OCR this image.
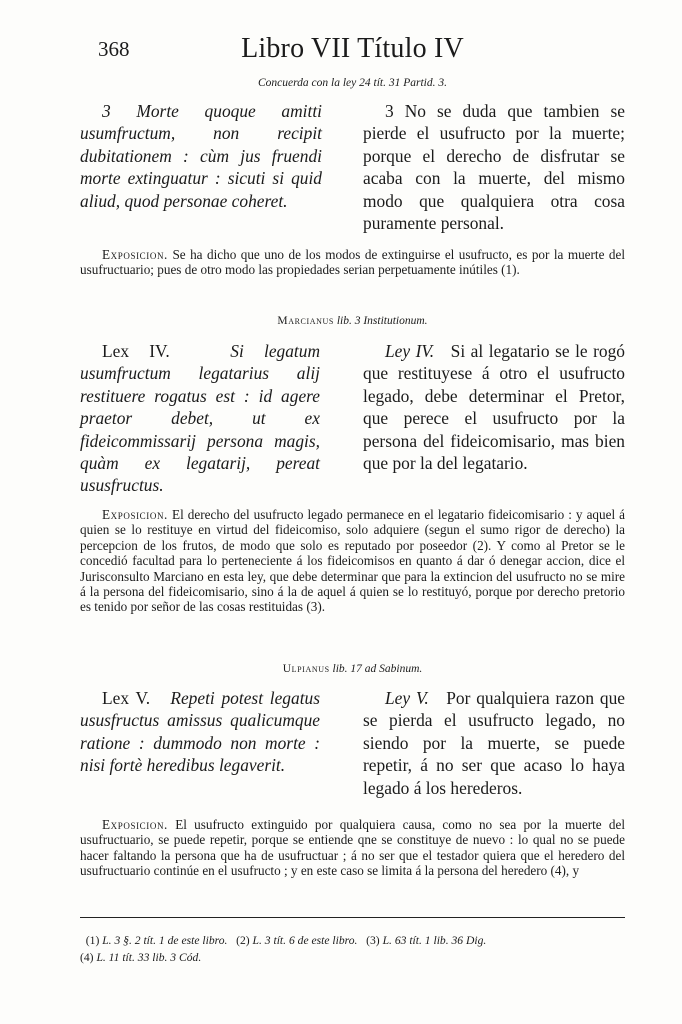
368	Libro VII Título IV
Concuerda con la ley 24 tít. 31 Partid. 3.

3 Morte quoque amitti usumfructum, non recipit dubitationem : cùm jus fruendi morte extinguatur : sicuti si quid aliud, quod personae coheret.

3 No se duda que tambien se pierde el usufructo por la muerte; porque el derecho de disfrutar se acaba con la muerte, del mismo modo que qualquiera otra cosa puramente personal.

Exposicion. Se ha dicho que uno de los modos de extinguirse el usufructo, es por la muerte del usufructuario; pues de otro modo las propiedades serian perpetuamente inútiles (1).

Marcianus lib. 3 Institutionum.

Lex IV.	Si legatum usumfructum legatarius alij restituere rogatus est : id agere praetor debet, ut ex fideicommissarij persona magis, quàm ex legatarij, pereat ususfructus.

Ley IV. Si al legatario se le rogó que restituyese á otro el usufructo legado, debe determinar el Pretor, que perece el usufructo por la persona del fideicomisario, mas bien que por la del legatario.

Exposicion. El derecho del usufructo legado permanece en el legatario fideicomisario : y aquel á quien se lo restituye en virtud del fideicomiso, solo adquiere (segun el sumo rigor de derecho) la percepcion de los frutos, de modo que solo es reputado por poseedor (2). Y como al Pretor se le concedió facultad para lo perteneciente á los fideicomisos en quanto á dar ó denegar accion, dice el Jurisconsulto Marciano en esta ley, que debe determinar que para la extincion del usufructo no se mire á la persona del fideicomisario, sino á la de aquel á quien se lo restituyó, porque por derecho pretorio es tenido por señor de las cosas restituidas (3).

Ulpianus lib. 17 ad Sabinum.

Lex V. Repeti potest legatus ususfructus amissus qualicumque ratione : dummodo non morte : nisi fortè heredibus legaverit.

Ley V. Por qualquiera razon que se pierda el usufructo legado, no siendo por la muerte, se puede repetir, á no ser que acaso lo haya legado á los herederos.

Exposicion. El usufructo extinguido por qualquiera causa, como no sea por la muerte del usufructuario, se puede repetir, porque se entiende qne se constituye de nuevo : lo qual no se puede hacer faltando la persona que ha de usufructuar ; á no ser que el testador quiera que el heredero del usufructuario continúe en el usufructo ; y en este caso se limita á la persona del heredero (4), y

(1) L. 3 §. 2 tít. 1 de este libro. (2) L. 3 tít. 6 de este libro. (3) L. 63 tít. 1 lib. 36 Dig.

(4) L. 11 tít. 33 lib. 3 Cód.
